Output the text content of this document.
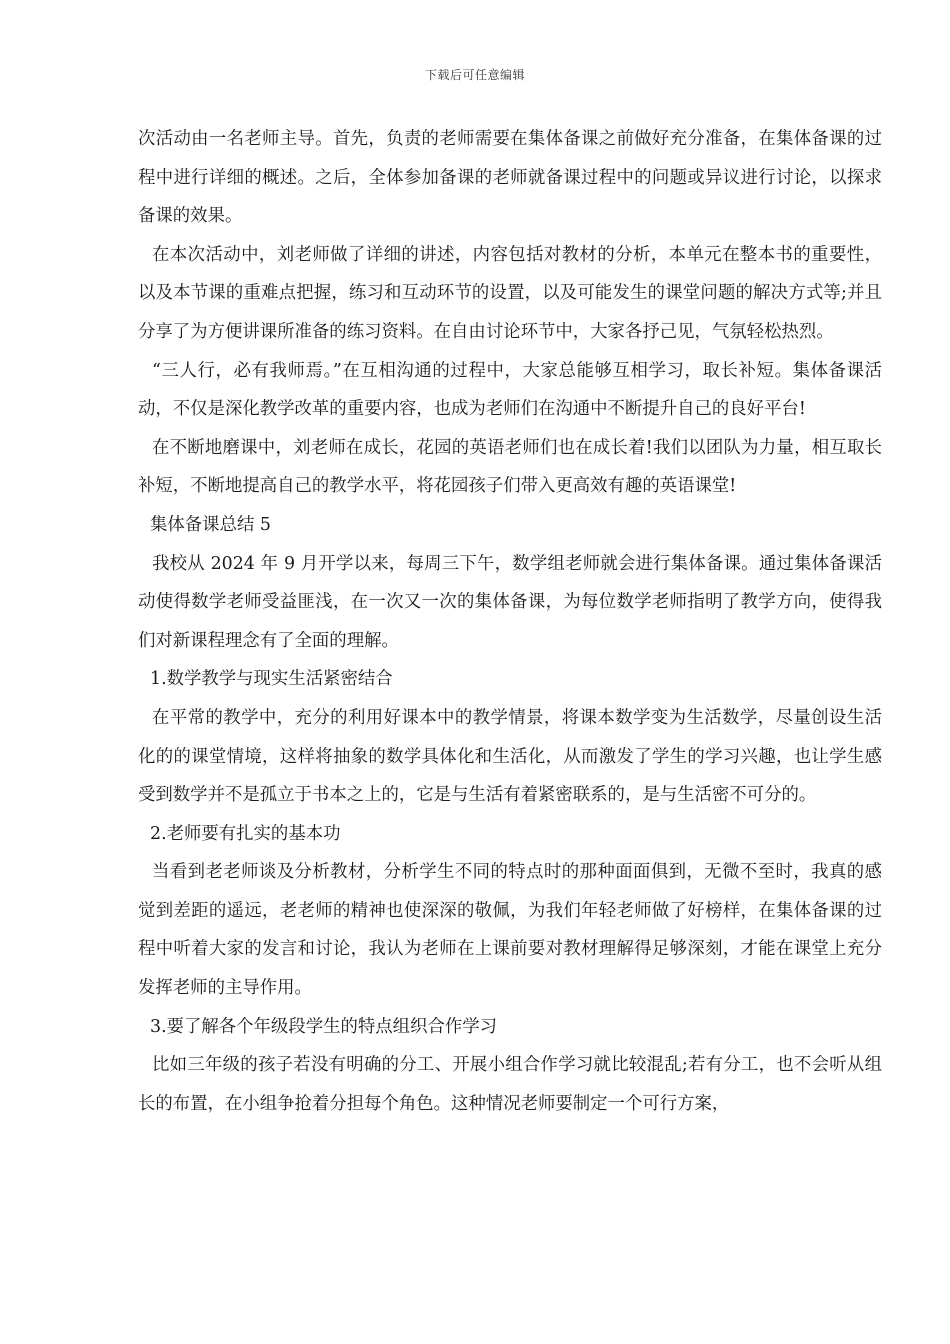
下载后可任意编辑

次活动由一名老师主导。首先，负责的老师需要在集体备课之前做好充分准备，在集体备课的过程中进行详细的概述。之后，全体参加备课的老师就备课过程中的问题或异议进行讨论，以探求备课的效果。

在本次活动中，刘老师做了详细的讲述，内容包括对教材的分析，本单元在整本书的重要性，以及本节课的重难点把握，练习和互动环节的设置，以及可能发生的课堂问题的解决方式等;并且分享了为方便讲课所准备的练习资料。在自由讨论环节中，大家各抒己见，气氛轻松热烈。

“三人行，必有我师焉。”在互相沟通的过程中，大家总能够互相学习，取长补短。集体备课活动，不仅是深化教学改革的重要内容，也成为老师们在沟通中不断提升自己的良好平台!

在不断地磨课中，刘老师在成长，花园的英语老师们也在成长着!我们以团队为力量，相互取长补短，不断地提高自己的教学水平，将花园孩子们带入更高效有趣的英语课堂!

集体备课总结 5

我校从 2024 年 9 月开学以来，每周三下午，数学组老师就会进行集体备课。通过集体备课活动使得数学老师受益匪浅，在一次又一次的集体备课，为每位数学老师指明了教学方向，使得我们对新课程理念有了全面的理解。

1.数学教学与现实生活紧密结合

在平常的教学中，充分的利用好课本中的教学情景，将课本数学变为生活数学，尽量创设生活化的的课堂情境，这样将抽象的数学具体化和生活化，从而激发了学生的学习兴趣，也让学生感受到数学并不是孤立于书本之上的，它是与生活有着紧密联系的，是与生活密不可分的。

2.老师要有扎实的基本功

当看到老老师谈及分析教材，分析学生不同的特点时的那种面面俱到，无微不至时，我真的感觉到差距的遥远，老老师的精神也使深深的敬佩，为我们年轻老师做了好榜样，在集体备课的过程中听着大家的发言和讨论，我认为老师在上课前要对教材理解得足够深刻，才能在课堂上充分发挥老师的主导作用。

3.要了解各个年级段学生的特点组织合作学习

比如三年级的孩子若没有明确的分工、开展小组合作学习就比较混乱;若有分工，也不会听从组长的布置，在小组争抢着分担每个角色。这种情况老师要制定一个可行方案，
